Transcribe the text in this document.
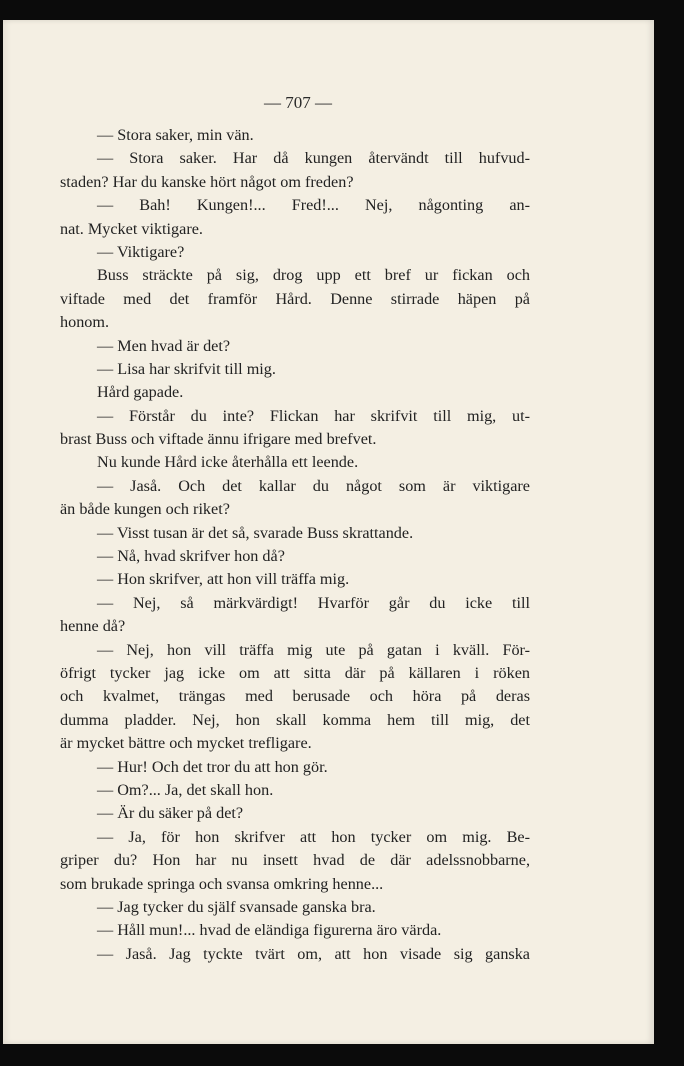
— 707 —
— Stora saker, min vän.
— Stora saker. Har då kungen återvändt till hufvud-
staden? Har du kanske hört något om freden?
— Bah! Kungen!... Fred!... Nej, någonting an-
nat. Mycket viktigare.
— Viktigare?
Buss sträckte på sig, drog upp ett bref ur fickan och
viftade med det framför Hård. Denne stirrade häpen på
honom.
— Men hvad är det?
— Lisa har skrifvit till mig.
Hård gapade.
— Förstår du inte? Flickan har skrifvit till mig, ut-
brast Buss och viftade ännu ifrigare med brefvet.
Nu kunde Hård icke återhålla ett leende.
— Jaså. Och det kallar du något som är viktigare
än både kungen och riket?
— Visst tusan är det så, svarade Buss skrattande.
— Nå, hvad skrifver hon då?
— Hon skrifver, att hon vill träffa mig.
— Nej, så märkvärdigt! Hvarför går du icke till
henne då?
— Nej, hon vill träffa mig ute på gatan i kväll. För-
öfrigt tycker jag icke om att sitta där på källaren i röken
och kvalmet, trängas med berusade och höra på deras
dumma pladder. Nej, hon skall komma hem till mig, det
är mycket bättre och mycket trefligare.
— Hur! Och det tror du att hon gör.
— Om?... Ja, det skall hon.
— Är du säker på det?
— Ja, för hon skrifver att hon tycker om mig. Be-
griper du? Hon har nu insett hvad de där adelssnobbarne,
som brukade springa och svansa omkring henne...
— Jag tycker du själf svansade ganska bra.
— Håll mun!... hvad de eländiga figurerna äro värda.
— Jaså. Jag tyckte tvärt om, att hon visade sig ganska
